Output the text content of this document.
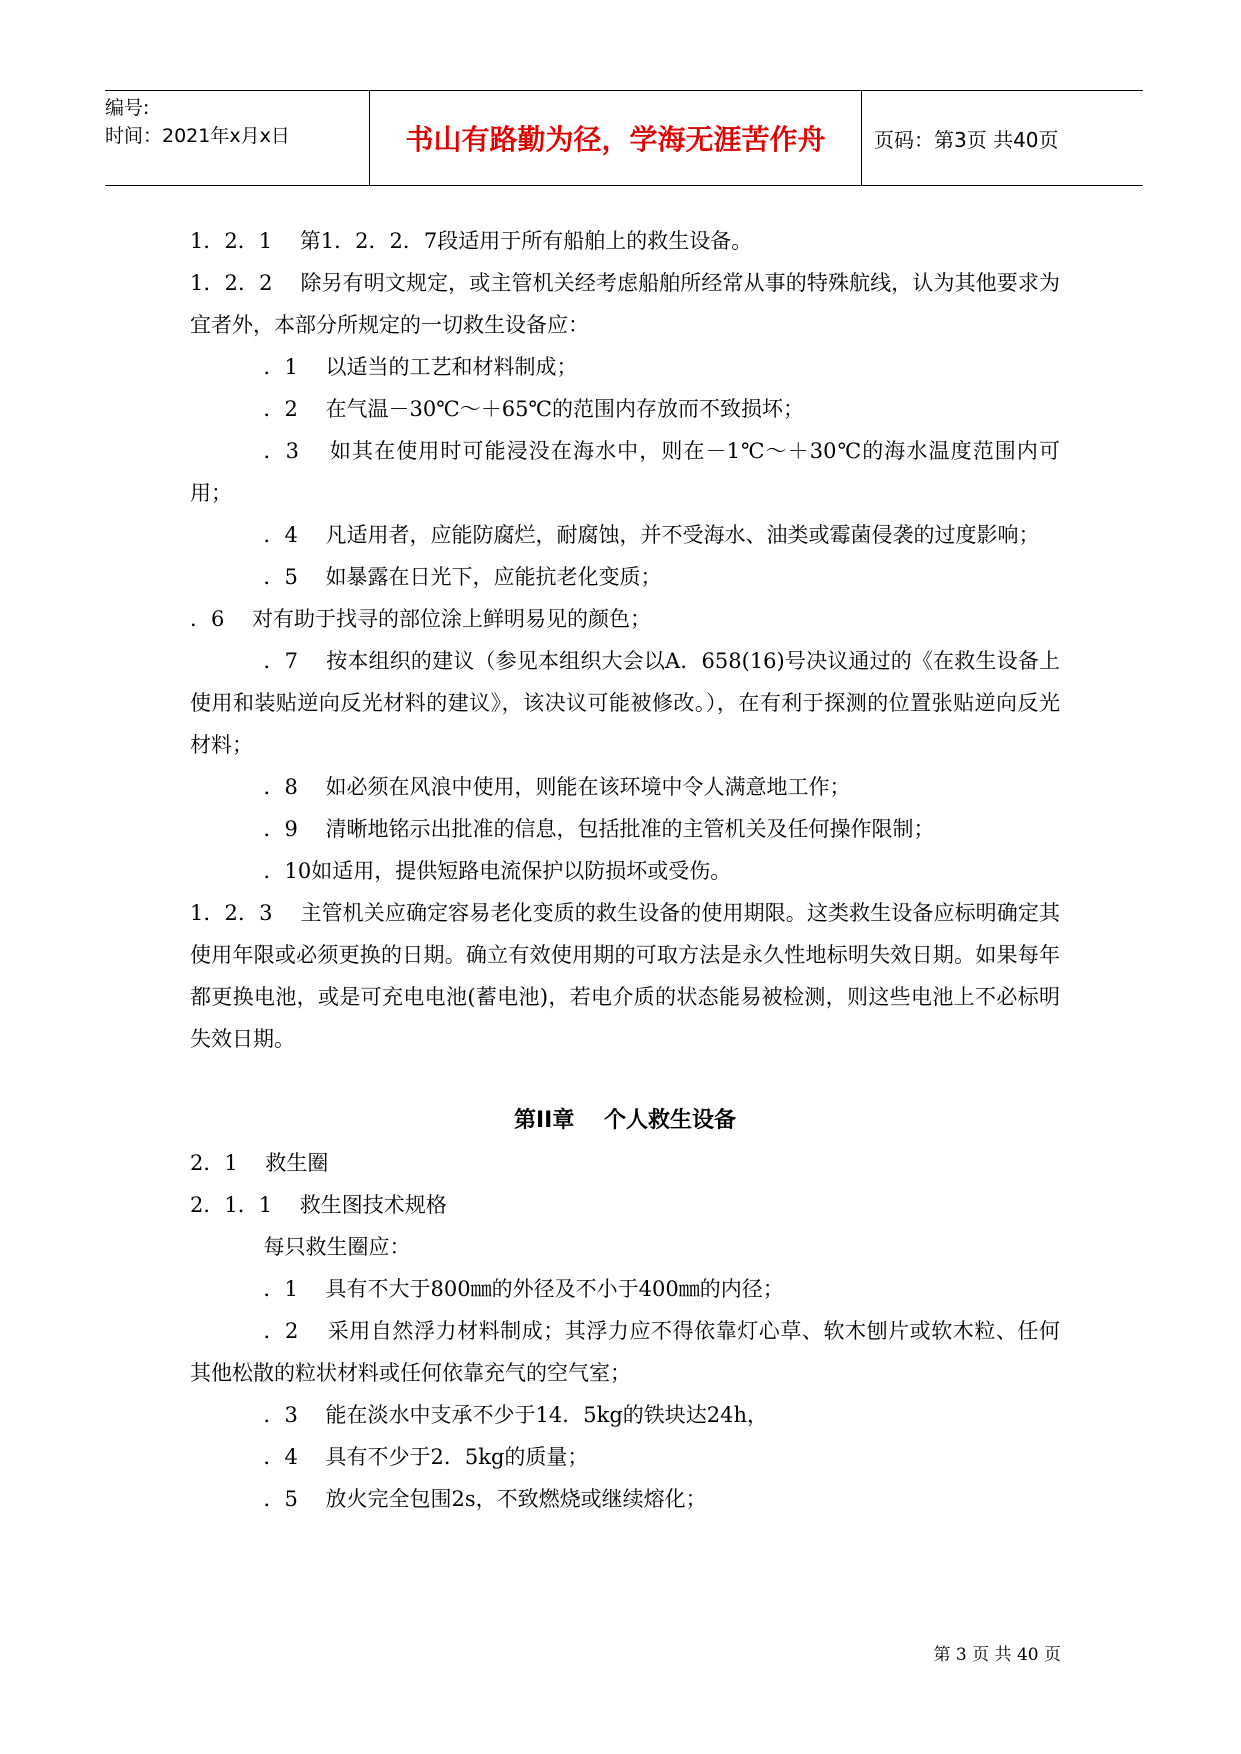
编号:
时间：2021年x月x日	书山有路勤为径，学海无涯苦作舟	页码：第3页 共40页

1．2．1　 第1．2．2．7段适用于所有船舶上的救生设备。

1．2．2　 除另有明文规定，或主管机关经考虑船舶所经常从事的特殊航线，认为其他要求为宜者外，本部分所规定的一切救生设备应：

．1　 以适当的工艺和材料制成；

．2　 在气温－30℃～＋65℃的范围内存放而不致损坏；

．3　 如其在使用时可能浸没在海水中，则在－1℃～＋30℃的海水温度范围内可用；

．4　 凡适用者，应能防腐烂，耐腐蚀，并不受海水、油类或霉菌侵袭的过度影响；

．5　 如暴露在日光下，应能抗老化变质；

．6　 对有助于找寻的部位涂上鲜明易见的颜色；

．7　 按本组织的建议（参见本组织大会以A．658(16)号决议通过的《在救生设备上使用和装贴逆向反光材料的建议》，该决议可能被修改。），在有利于探测的位置张贴逆向反光材料；

．8　 如必须在风浪中使用，则能在该环境中令人满意地工作；

．9　 清晰地铭示出批准的信息，包括批准的主管机关及任何操作限制；

．10如适用，提供短路电流保护以防损坏或受伤。

1．2．3　 主管机关应确定容易老化变质的救生设备的使用期限。这类救生设备应标明确定其使用年限或必须更换的日期。确立有效使用期的可取方法是永久性地标明失效日期。如果每年都更换电池，或是可充电电池(蓄电池)，若电介质的状态能易被检测，则这些电池上不必标明失效日期。

第II章　 个人救生设备

2．1　 救生圈

2．1．1　 救生图技术规格

每只救生圈应：

．1　 具有不大于800㎜的外径及不小于400㎜的内径；

．2　 采用自然浮力材料制成；其浮力应不得依靠灯心草、软木刨片或软木粒、任何其他松散的粒状材料或任何依靠充气的空气室；

．3　 能在淡水中支承不少于14．5kg的铁块达24h，

．4　 具有不少于2．5kg的质量；

．5　 放火完全包围2s，不致燃烧或继续熔化；

第 3 页 共 40 页
